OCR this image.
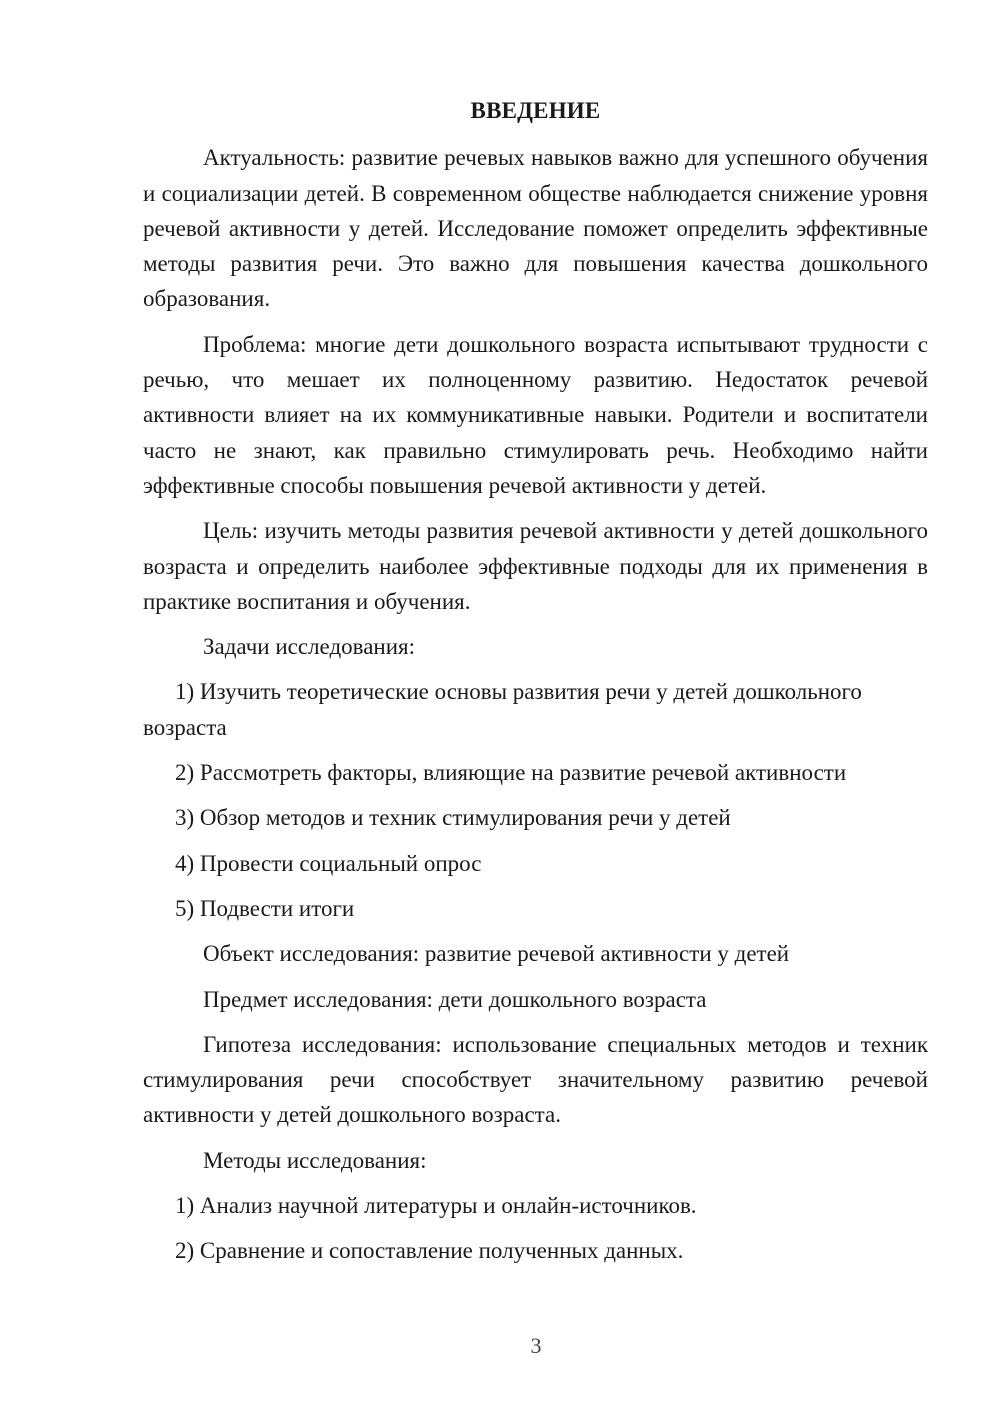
ВВЕДЕНИЕ

Актуальность: развитие речевых навыков важно для успешного обучения и социализации детей. В современном обществе наблюдается снижение уровня речевой активности у детей. Исследование поможет определить эффективные методы развития речи. Это важно для повышения качества дошкольного образования.

Проблема: многие дети дошкольного возраста испытывают трудности с речью, что мешает их полноценному развитию. Недостаток речевой активности влияет на их коммуникативные навыки. Родители и воспитатели часто не знают, как правильно стимулировать речь. Необходимо найти эффективные способы повышения речевой активности у детей.

Цель: изучить методы развития речевой активности у детей дошкольного возраста и определить наиболее эффективные подходы для их применения в практике воспитания и обучения.

Задачи исследования:

1) Изучить теоретические основы развития речи у детей дошкольного возраста

2) Рассмотреть факторы, влияющие на развитие речевой активности

3) Обзор методов и техник стимулирования речи у детей

4) Провести социальный опрос

5) Подвести итоги

Объект исследования: развитие речевой активности у детей

Предмет исследования: дети дошкольного возраста

Гипотеза исследования: использование специальных методов и техник стимулирования речи способствует значительному развитию речевой активности у детей дошкольного возраста.

Методы исследования:

1) Анализ научной литературы и онлайн-источников.

2) Сравнение и сопоставление полученных данных.

3
